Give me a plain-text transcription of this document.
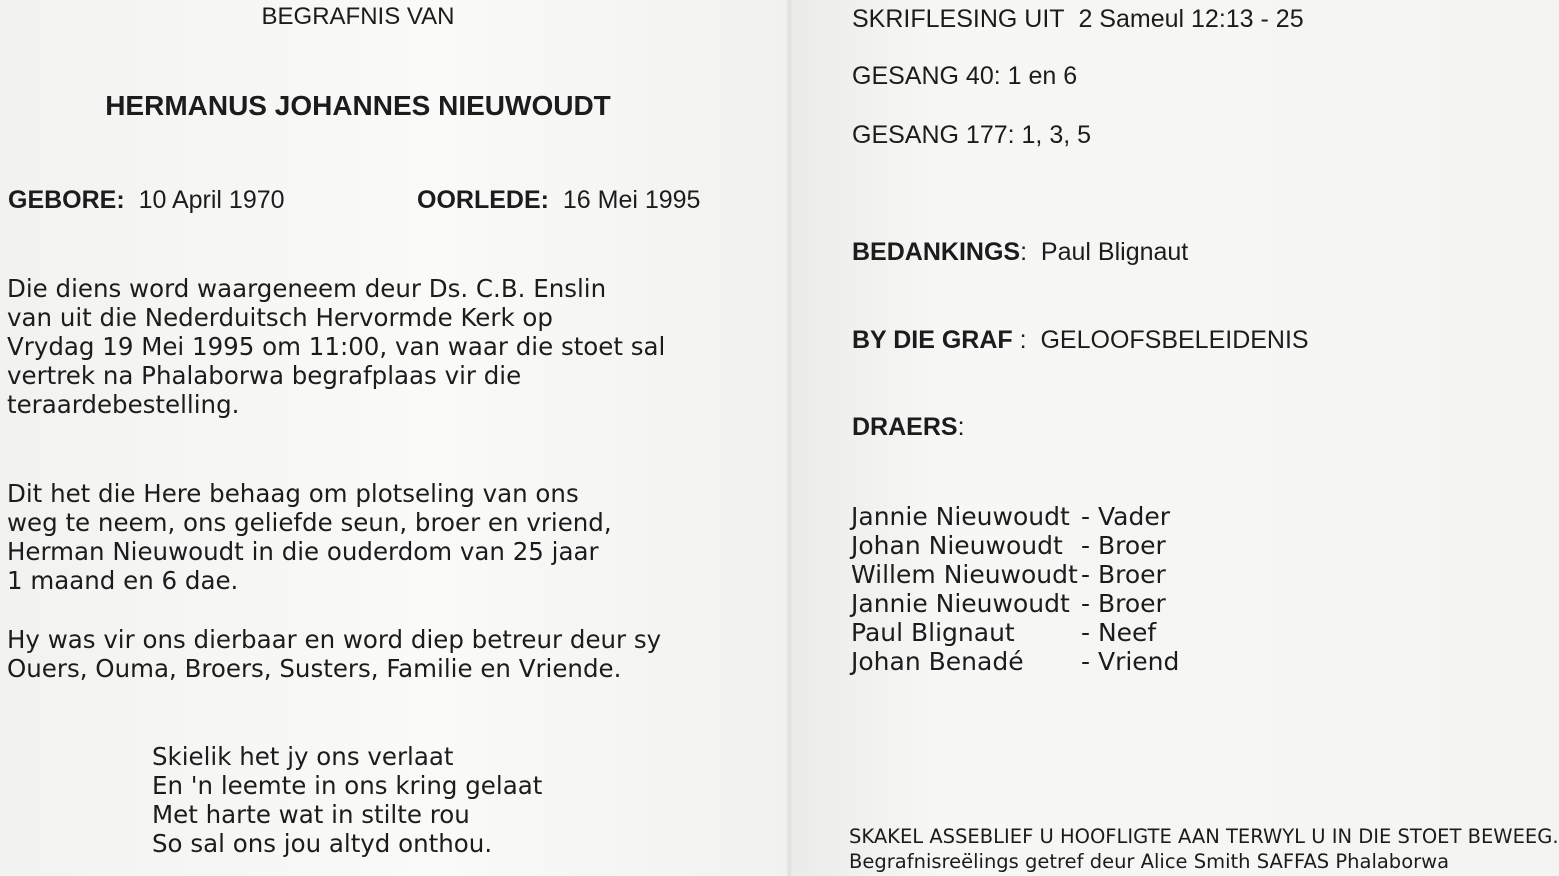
BEGRAFNIS VAN
HERMANUS JOHANNES NIEUWOUDT
GEBORE: 10 April 1970	OORLEDE: 16 Mei 1995
Die diens word waargeneem deur Ds. C.B. Enslin
van uit die Nederduitsch Hervormde Kerk op
Vrydag 19 Mei 1995 om 11:00, van waar die stoet sal
vertrek na Phalaborwa begrafplaas vir die
teraardebestelling.
Dit het die Here behaag om plotseling van ons
weg te neem, ons geliefde seun, broer en vriend,
Herman Nieuwoudt in die ouderdom van 25 jaar
1 maand en 6 dae.
Hy was vir ons dierbaar en word diep betreur deur sy
Ouers, Ouma, Broers, Susters, Familie en Vriende.
Skielik het jy ons verlaat
En 'n leemte in ons kring gelaat
Met harte wat in stilte rou
So sal ons jou altyd onthou.
SKRIFLESING UIT 2 Sameul 12:13 - 25
GESANG 40: 1 en 6
GESANG 177: 1, 3, 5
BEDANKINGS:  Paul Blignaut
BY DIE GRAF :  GELOOFSBELEIDENIS
DRAERS:
Jannie Nieuwoudt - Vader
Johan Nieuwoudt - Broer
Willem Nieuwoudt - Broer
Jannie Nieuwoudt - Broer
Paul Blignaut	- Neef
Johan Benadé - Vriend
SKAKEL ASSEBLIEF U HOOFLIGTE AAN TERWYL U IN DIE STOET BEWEEG.
Begrafnisreëlings getref deur Alice Smith SAFFAS Phalaborwa
